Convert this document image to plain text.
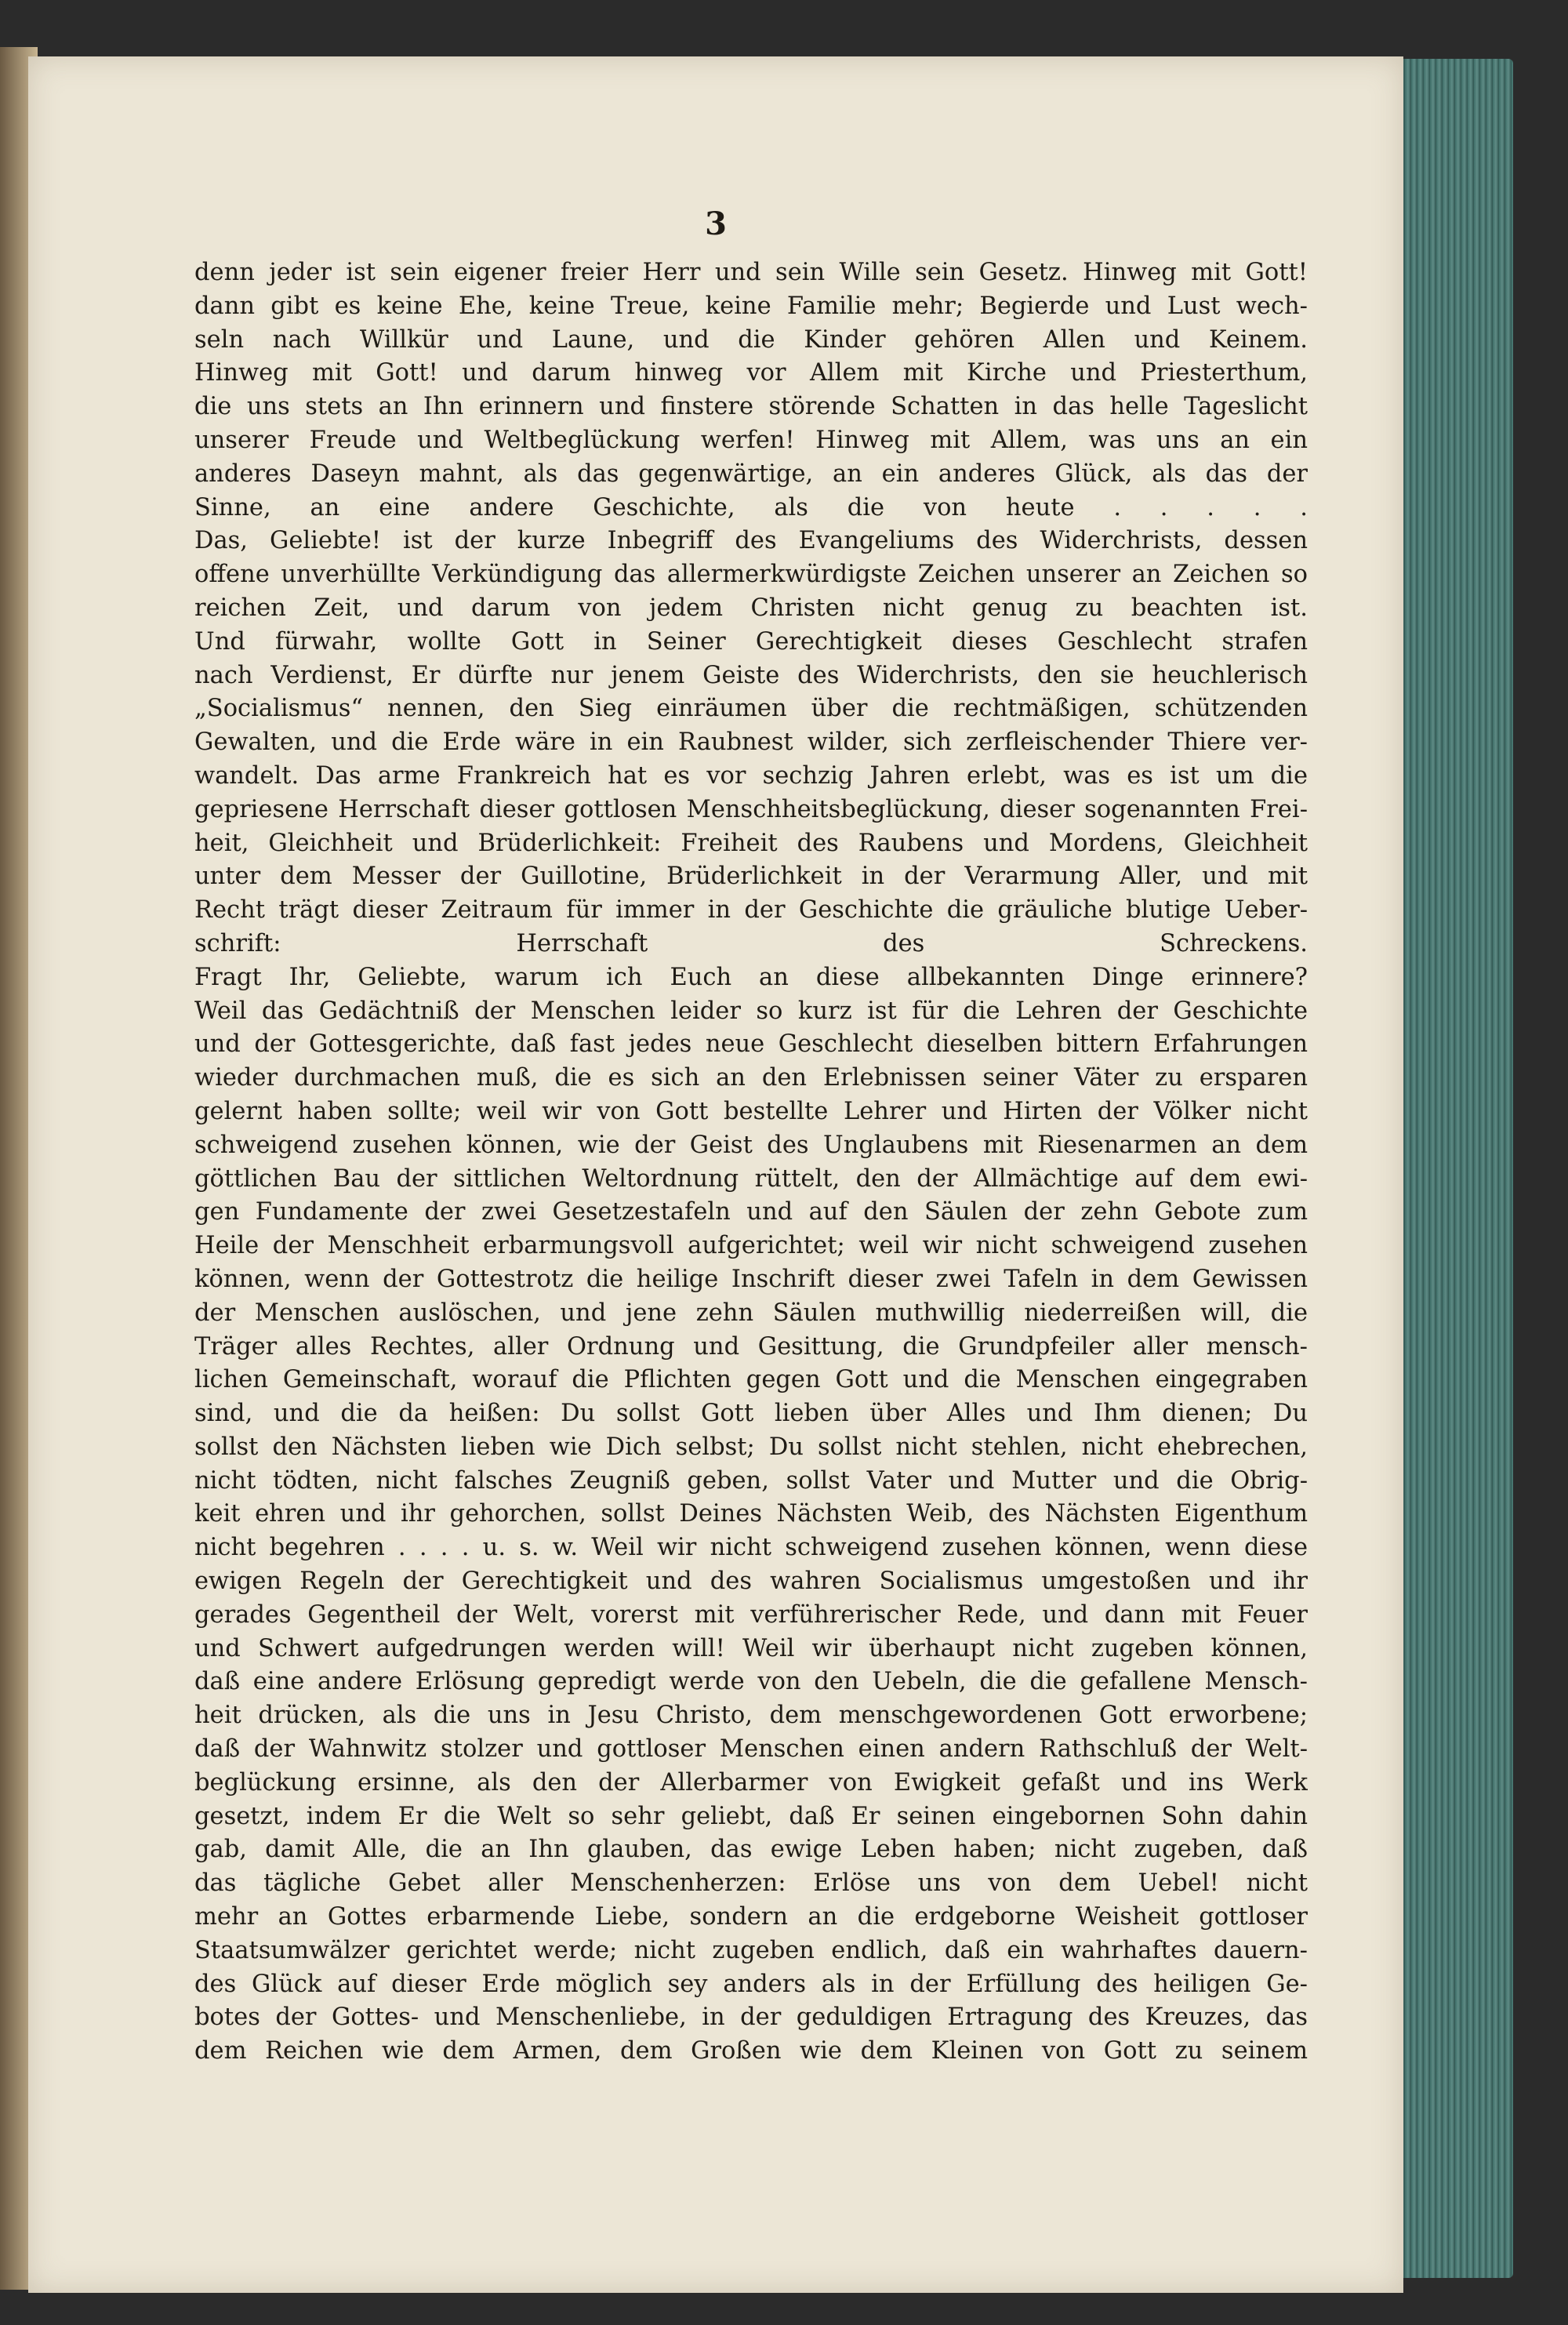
3
denn jeder ist sein eigener freier Herr und sein Wille sein Gesetz. Hinweg mit Gott!
dann gibt es keine Ehe, keine Treue, keine Familie mehr; Begierde und Lust wech-
seln nach Willkür und Laune, und die Kinder gehören Allen und Keinem.
Hinweg mit Gott! und darum hinweg vor Allem mit Kirche und Priesterthum,
die uns stets an Ihn erinnern und finstere störende Schatten in das helle Tageslicht
unserer Freude und Weltbeglückung werfen! Hinweg mit Allem, was uns an ein
anderes Daseyn mahnt, als das gegenwärtige, an ein anderes Glück, als das der
Sinne, an eine andere Geschichte, als die von heute . . . . .
Das, Geliebte! ist der kurze Inbegriff des Evangeliums des Widerchrists, dessen
offene unverhüllte Verkündigung das allermerkwürdigste Zeichen unserer an Zeichen so
reichen Zeit, und darum von jedem Christen nicht genug zu beachten ist.
Und fürwahr, wollte Gott in Seiner Gerechtigkeit dieses Geschlecht strafen
nach Verdienst, Er dürfte nur jenem Geiste des Widerchrists, den sie heuchlerisch
„Socialismus“ nennen, den Sieg einräumen über die rechtmäßigen, schützenden
Gewalten, und die Erde wäre in ein Raubnest wilder, sich zerfleischender Thiere ver-
wandelt. Das arme Frankreich hat es vor sechzig Jahren erlebt, was es ist um die
gepriesene Herrschaft dieser gottlosen Menschheitsbeglückung, dieser sogenannten Frei-
heit, Gleichheit und Brüderlichkeit: Freiheit des Raubens und Mordens, Gleichheit
unter dem Messer der Guillotine, Brüderlichkeit in der Verarmung Aller, und mit
Recht trägt dieser Zeitraum für immer in der Geschichte die gräuliche blutige Ueber-
schrift: Herrschaft des Schreckens.
Fragt Ihr, Geliebte, warum ich Euch an diese allbekannten Dinge erinnere?
Weil das Gedächtniß der Menschen leider so kurz ist für die Lehren der Geschichte
und der Gottesgerichte, daß fast jedes neue Geschlecht dieselben bittern Erfahrungen
wieder durchmachen muß, die es sich an den Erlebnissen seiner Väter zu ersparen
gelernt haben sollte; weil wir von Gott bestellte Lehrer und Hirten der Völker nicht
schweigend zusehen können, wie der Geist des Unglaubens mit Riesenarmen an dem
göttlichen Bau der sittlichen Weltordnung rüttelt, den der Allmächtige auf dem ewi-
gen Fundamente der zwei Gesetzestafeln und auf den Säulen der zehn Gebote zum
Heile der Menschheit erbarmungsvoll aufgerichtet; weil wir nicht schweigend zusehen
können, wenn der Gottestrotz die heilige Inschrift dieser zwei Tafeln in dem Gewissen
der Menschen auslöschen, und jene zehn Säulen muthwillig niederreißen will, die
Träger alles Rechtes, aller Ordnung und Gesittung, die Grundpfeiler aller mensch-
lichen Gemeinschaft, worauf die Pflichten gegen Gott und die Menschen eingegraben
sind, und die da heißen: Du sollst Gott lieben über Alles und Ihm dienen; Du
sollst den Nächsten lieben wie Dich selbst; Du sollst nicht stehlen, nicht ehebrechen,
nicht tödten, nicht falsches Zeugniß geben, sollst Vater und Mutter und die Obrig-
keit ehren und ihr gehorchen, sollst Deines Nächsten Weib, des Nächsten Eigenthum
nicht begehren . . . . u. s. w. Weil wir nicht schweigend zusehen können, wenn diese
ewigen Regeln der Gerechtigkeit und des wahren Socialismus umgestoßen und ihr
gerades Gegentheil der Welt, vorerst mit verführerischer Rede, und dann mit Feuer
und Schwert aufgedrungen werden will! Weil wir überhaupt nicht zugeben können,
daß eine andere Erlösung gepredigt werde von den Uebeln, die die gefallene Mensch-
heit drücken, als die uns in Jesu Christo, dem menschgewordenen Gott erworbene;
daß der Wahnwitz stolzer und gottloser Menschen einen andern Rathschluß der Welt-
beglückung ersinne, als den der Allerbarmer von Ewigkeit gefaßt und ins Werk
gesetzt, indem Er die Welt so sehr geliebt, daß Er seinen eingebornen Sohn dahin
gab, damit Alle, die an Ihn glauben, das ewige Leben haben; nicht zugeben, daß
das tägliche Gebet aller Menschenherzen: Erlöse uns von dem Uebel! nicht
mehr an Gottes erbarmende Liebe, sondern an die erdgeborne Weisheit gottloser
Staatsumwälzer gerichtet werde; nicht zugeben endlich, daß ein wahrhaftes dauern-
des Glück auf dieser Erde möglich sey anders als in der Erfüllung des heiligen Ge-
botes der Gottes- und Menschenliebe, in der geduldigen Ertragung des Kreuzes, das
dem Reichen wie dem Armen, dem Großen wie dem Kleinen von Gott zu seinem
